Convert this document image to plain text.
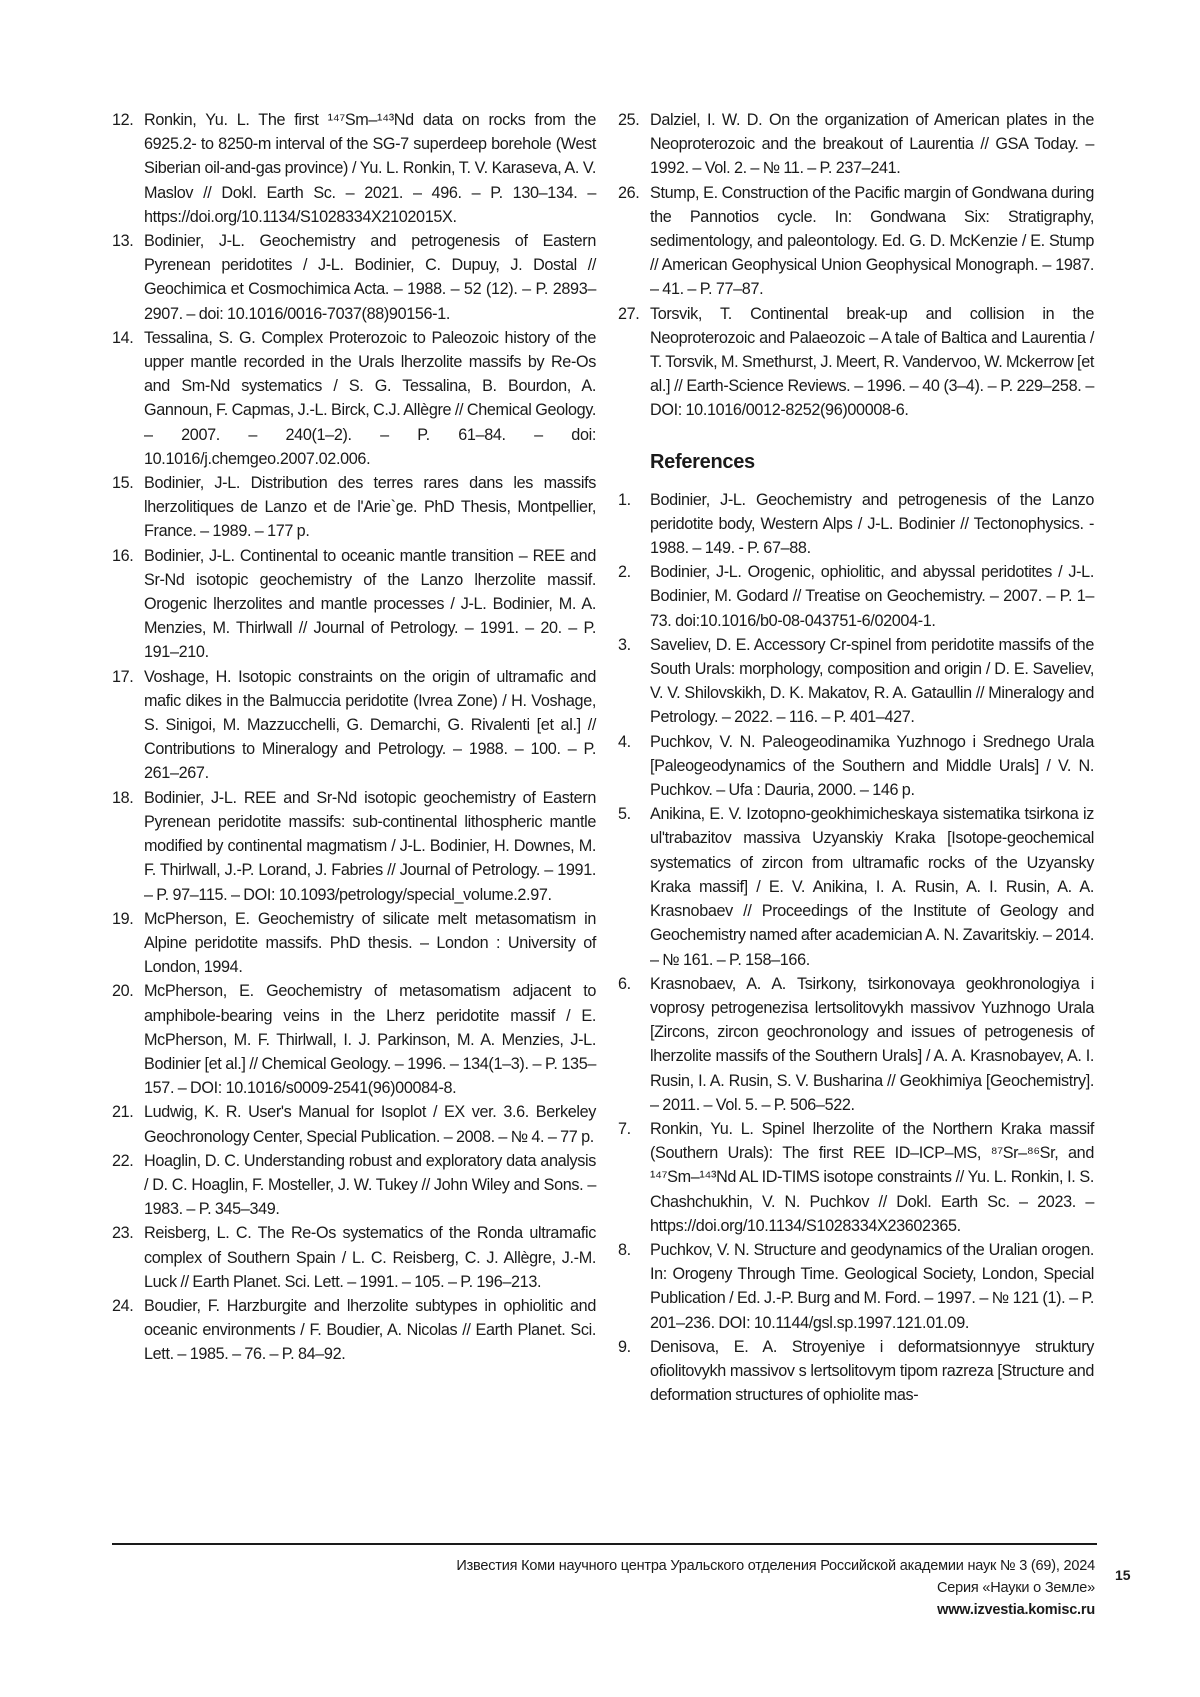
12. Ronkin, Yu. L. The first ¹⁴⁷Sm–¹⁴³Nd data on rocks from the 6925.2- to 8250-m interval of the SG-7 superdeep borehole (West Siberian oil-and-gas province) / Yu. L. Ronkin, T. V. Karaseva, A. V. Maslov // Dokl. Earth Sc. – 2021. – 496. – P. 130–134. – https://doi.org/10.1134/S1028334X2102015X.
13. Bodinier, J-L. Geochemistry and petrogenesis of Eastern Pyrenean peridotites / J-L. Bodinier, C. Dupuy, J. Dostal // Geochimica et Cosmochimica Acta. – 1988. – 52 (12). – P. 2893–2907. – doi: 10.1016/0016-7037(88)90156-1.
14. Tessalina, S. G. Complex Proterozoic to Paleozoic history of the upper mantle recorded in the Urals lherzolite massifs by Re-Os and Sm-Nd systematics / S. G. Tessalina, B. Bourdon, A. Gannoun, F. Capmas, J.-L. Birck, C.J. Allègre // Chemical Geology. – 2007. – 240(1–2). – P. 61–84. – doi: 10.1016/j.chemgeo.2007.02.006.
15. Bodinier, J-L. Distribution des terres rares dans les massifs lherzolitiques de Lanzo et de l'Arie`ge. PhD Thesis, Montpellier, France. – 1989. – 177 p.
16. Bodinier, J-L. Continental to oceanic mantle transition – REE and Sr-Nd isotopic geochemistry of the Lanzo lherzolite massif. Orogenic lherzolites and mantle processes / J-L. Bodinier, M. A. Menzies, M. Thirlwall // Journal of Petrology. – 1991. – 20. – P. 191–210.
17. Voshage, H. Isotopic constraints on the origin of ultramafic and mafic dikes in the Balmuccia peridotite (Ivrea Zone) / H. Voshage, S. Sinigoi, M. Mazzucchelli, G. Demarchi, G. Rivalenti [et al.] // Contributions to Mineralogy and Petrology. – 1988. – 100. – P. 261–267.
18. Bodinier, J-L. REE and Sr-Nd isotopic geochemistry of Eastern Pyrenean peridotite massifs: sub-continental lithospheric mantle modified by continental magmatism / J-L. Bodinier, H. Downes, M. F. Thirlwall, J.-P. Lorand, J. Fabries // Journal of Petrology. – 1991. – P. 97–115. – DOI: 10.1093/petrology/special_volume.2.97.
19. McPherson, E. Geochemistry of silicate melt metasomatism in Alpine peridotite massifs. PhD thesis. – London : University of London, 1994.
20. McPherson, E. Geochemistry of metasomatism adjacent to amphibole-bearing veins in the Lherz peridotite massif / E. McPherson, M. F. Thirlwall, I. J. Parkinson, M. A. Menzies, J-L. Bodinier [et al.] // Chemical Geology. – 1996. – 134(1–3). – P. 135–157. – DOI: 10.1016/s0009-2541(96)00084-8.
21. Ludwig, K. R. User's Manual for Isoplot / EX ver. 3.6. Berkeley Geochronology Center, Special Publication. – 2008. – № 4. – 77 p.
22. Hoaglin, D. C. Understanding robust and exploratory data analysis / D. C. Hoaglin, F. Mosteller, J. W. Tukey // John Wiley and Sons. – 1983. – P. 345–349.
23. Reisberg, L. C. The Re-Os systematics of the Ronda ultramafic complex of Southern Spain / L. C. Reisberg, C. J. Allègre, J.-M. Luck // Earth Planet. Sci. Lett. – 1991. – 105. – P. 196–213.
24. Boudier, F. Harzburgite and lherzolite subtypes in ophiolitic and oceanic environments / F. Boudier, A. Nicolas // Earth Planet. Sci. Lett. – 1985. – 76. – P. 84–92.
25. Dalziel, I. W. D. On the organization of American plates in the Neoproterozoic and the breakout of Laurentia // GSA Today. – 1992. – Vol. 2. – № 11. – P. 237–241.
26. Stump, E. Construction of the Pacific margin of Gondwana during the Pannotios cycle. In: Gondwana Six: Stratigraphy, sedimentology, and paleontology. Ed. G. D. McKenzie / E. Stump // American Geophysical Union Geophysical Monograph. – 1987. – 41. – P. 77–87.
27. Torsvik, T. Continental break-up and collision in the Neoproterozoic and Palaeozoic – A tale of Baltica and Laurentia / T. Torsvik, M. Smethurst, J. Meert, R. Vandervoo, W. Mckerrow [et al.] // Earth-Science Reviews. – 1996. – 40 (3–4). – P. 229–258. – DOI: 10.1016/0012-8252(96)00008-6.
References
1. Bodinier, J-L. Geochemistry and petrogenesis of the Lanzo peridotite body, Western Alps / J-L. Bodinier // Tectonophysics. - 1988. – 149. - P. 67–88.
2. Bodinier, J-L. Orogenic, ophiolitic, and abyssal peridotites / J-L. Bodinier, M. Godard // Treatise on Geochemistry. – 2007. – P. 1–73. doi:10.1016/b0-08-043751-6/02004-1.
3. Saveliev, D. E. Accessory Cr-spinel from peridotite massifs of the South Urals: morphology, composition and origin / D. E. Saveliev, V. V. Shilovskikh, D. K. Makatov, R. A. Gataullin // Mineralogy and Petrology. – 2022. – 116. – P. 401–427.
4. Puchkov, V. N. Paleogeodinamika Yuzhnogo i Srednego Urala [Paleogeodynamics of the Southern and Middle Urals] / V. N. Puchkov. – Ufa : Dauria, 2000. – 146 p.
5. Anikina, E. V. Izotopno-geokhimicheskaya sistematika tsirkona iz ul'trabazitov massiva Uzyanskiy Kraka [Isotope-geochemical systematics of zircon from ultramafic rocks of the Uzyansky Kraka massif] / E. V. Anikina, I. A. Rusin, A. I. Rusin, A. A. Krasnobaev // Proceedings of the Institute of Geology and Geochemistry named after academician A. N. Zavaritskiy. – 2014. – № 161. – P. 158–166.
6. Krasnobaev, A. A. Tsirkony, tsirkonovaya geokhronologiya i voprosy petrogenezisa lertsolitovykh massivov Yuzhnogo Urala [Zircons, zircon geochronology and issues of petrogenesis of lherzolite massifs of the Southern Urals] / A. A. Krasnobayev, A. I. Rusin, I. A. Rusin, S. V. Busharina // Geokhimiya [Geochemistry]. – 2011. – Vol. 5. – P. 506–522.
7. Ronkin, Yu. L. Spinel lherzolite of the Northern Kraka massif (Southern Urals): The first REE ID–ICP–MS, ⁸⁷Sr–⁸⁶Sr, and ¹⁴⁷Sm–¹⁴³Nd AL ID-TIMS isotope constraints // Yu. L. Ronkin, I. S. Chashchukhin, V. N. Puchkov // Dokl. Earth Sc. – 2023. – https://doi.org/10.1134/S1028334X23602365.
8. Puchkov, V. N. Structure and geodynamics of the Uralian orogen. In: Orogeny Through Time. Geological Society, London, Special Publication / Ed. J.-P. Burg and M. Ford. – 1997. – № 121 (1). – P. 201–236. DOI: 10.1144/gsl.sp.1997.121.01.09.
9. Denisova, E. A. Stroyeniye i deformatsionnyye struktury ofiolitovykh massivov s lertsolitovym tipom razreza [Structure and deformation structures of ophiolite mas-
Известия Коми научного центра Уральского отделения Российской академии наук № 3 (69), 2024
Серия «Науки о Земле»
www.izvestia.komisc.ru
15
